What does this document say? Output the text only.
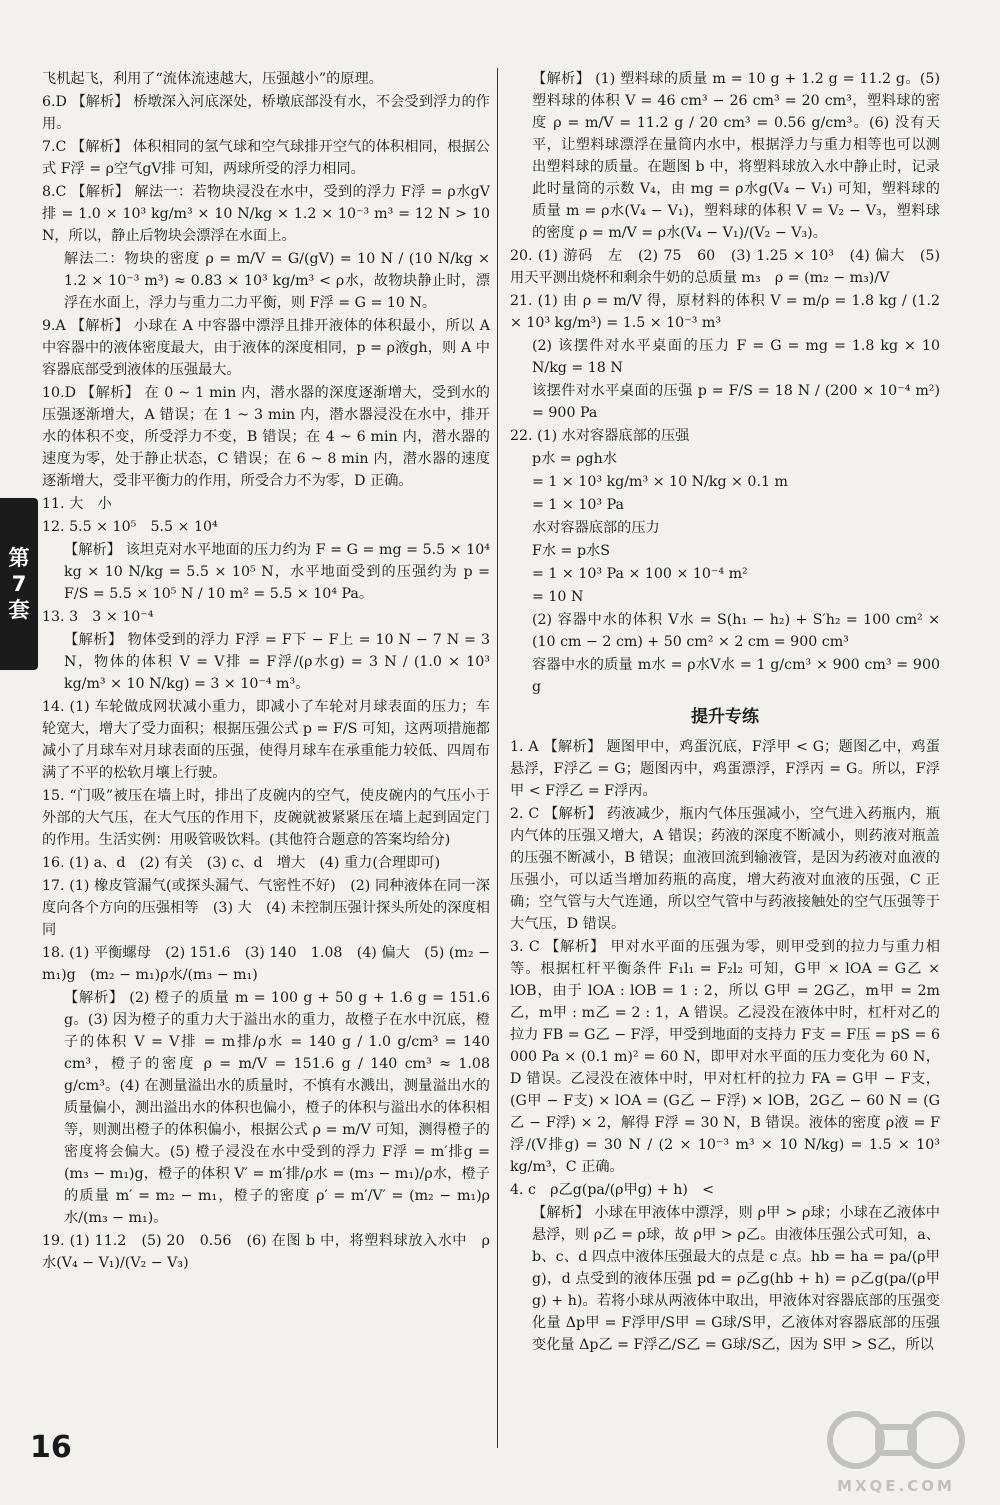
飞机起飞，利用了“流体流速越大，压强越小”的原理。
6.D 【解析】 桥墩深入河底深处，桥墩底部没有水，不会受到浮力的作用。
7.C 【解析】 体积相同的氢气球和空气球排开空气的体积相同，根据公式 F浮 = ρ空气gV排 可知，两球所受的浮力相同。
8.C 【解析】 解法一：若物块浸没在水中，受到的浮力 F浮 = ρ水gV排 = 1.0 × 10³ kg/m³ × 10 N/kg × 1.2 × 10⁻³ m³ = 12 N > 10 N，所以，静止后物块会漂浮在水面上。
解法二：物块的密度 ρ = m/V = G/(gV) = 10 N / (10 N/kg × 1.2 × 10⁻³ m³) ≈ 0.83 × 10³ kg/m³ < ρ水，故物块静止时，漂浮在水面上，浮力与重力二力平衡，则 F浮 = G = 10 N。
9.A 【解析】 小球在 A 中容器中漂浮且排开液体的体积最小，所以 A 中容器中的液体密度最大，由于液体的深度相同，p = ρ液gh，则 A 中容器底部受到液体的压强最大。
10.D 【解析】 在 0 ~ 1 min 内，潜水器的深度逐渐增大，受到水的压强逐渐增大，A 错误；在 1 ~ 3 min 内，潜水器浸没在水中，排开水的体积不变，所受浮力不变，B 错误；在 4 ~ 6 min 内，潜水器的速度为零，处于静止状态，C 错误；在 6 ~ 8 min 内，潜水器的速度逐渐增大，受非平衡力的作用，所受合力不为零，D 正确。
11. 大　小
12. 5.5 × 10⁵　5.5 × 10⁴
【解析】 该坦克对水平地面的压力约为 F = G = mg = 5.5 × 10⁴ kg × 10 N/kg = 5.5 × 10⁵ N，水平地面受到的压强约为 p = F/S = 5.5 × 10⁵ N / 10 m² = 5.5 × 10⁴ Pa。
13. 3　3 × 10⁻⁴
【解析】 物体受到的浮力 F浮 = F下 − F上 = 10 N − 7 N = 3 N，物体的体积 V = V排 = F浮/(ρ水g) = 3 N / (1.0 × 10³ kg/m³ × 10 N/kg) = 3 × 10⁻⁴ m³。
14. (1) 车轮做成网状减小重力，即减小了车轮对月球表面的压力；车轮宽大，增大了受力面积；根据压强公式 p = F/S 可知，这两项措施都减小了月球车对月球表面的压强，使得月球车在承重能力较低、四周布满了不平的松软月壤上行驶。
15. “门吸”被压在墙上时，排出了皮碗内的空气，使皮碗内的气压小于外部的大气压，在大气压的作用下，皮碗就被紧紧压在墙上起到固定门的作用。生活实例：用吸管吸饮料。(其他符合题意的答案均给分)
16. (1) a、d　(2) 有关　(3) c、d　增大　(4) 重力(合理即可)
17. (1) 橡皮管漏气(或探头漏气、气密性不好)　(2) 同种液体在同一深度向各个方向的压强相等　(3) 大　(4) 未控制压强计探头所处的深度相同
18. (1) 平衡螺母　(2) 151.6　(3) 140　1.08　(4) 偏大　(5) (m₂ − m₁)g　(m₂ − m₁)ρ水/(m₃ − m₁)
【解析】 (2) 橙子的质量 m = 100 g + 50 g + 1.6 g = 151.6 g。(3) 因为橙子的重力大于溢出水的重力，故橙子在水中沉底，橙子的体积 V = V排 = m排/ρ水 = 140 g / 1.0 g/cm³ = 140 cm³，橙子的密度 ρ = m/V = 151.6 g / 140 cm³ ≈ 1.08 g/cm³。(4) 在测量溢出水的质量时，不慎有水溅出，测量溢出水的质量偏小，测出溢出水的体积也偏小，橙子的体积与溢出水的体积相等，则测出橙子的体积偏小，根据公式 ρ = m/V 可知，测得橙子的密度将会偏大。(5) 橙子浸没在水中受到的浮力 F浮 = m′排g = (m₃ − m₁)g，橙子的体积 V′ = m′排/ρ水 = (m₃ − m₁)/ρ水，橙子的质量 m′ = m₂ − m₁，橙子的密度 ρ′ = m′/V′ = (m₂ − m₁)ρ水/(m₃ − m₁)。
19. (1) 11.2　(5) 20　0.56　(6) 在图 b 中，将塑料球放入水中　ρ水(V₄ − V₁)/(V₂ − V₃)
【解析】 (1) 塑料球的质量 m = 10 g + 1.2 g = 11.2 g。(5) 塑料球的体积 V = 46 cm³ − 26 cm³ = 20 cm³，塑料球的密度 ρ = m/V = 11.2 g / 20 cm³ = 0.56 g/cm³。(6) 没有天平，让塑料球漂浮在量筒内水中，根据浮力与重力相等也可以测出塑料球的质量。在题图 b 中，将塑料球放入水中静止时，记录此时量筒的示数 V₄，由 mg = ρ水g(V₄ − V₁) 可知，塑料球的质量 m = ρ水(V₄ − V₁)，塑料球的体积 V = V₂ − V₃，塑料球的密度 ρ = m/V = ρ水(V₄ − V₁)/(V₂ − V₃)。
20. (1) 游码　左　(2) 75　60　(3) 1.25 × 10³　(4) 偏大　(5) 用天平测出烧杯和剩余牛奶的总质量 m₃　ρ = (m₂ − m₃)/V
21. (1) 由 ρ = m/V 得，原材料的体积 V = m/ρ = 1.8 kg / (1.2 × 10³ kg/m³) = 1.5 × 10⁻³ m³
(2) 该摆件对水平桌面的压力 F = G = mg = 1.8 kg × 10 N/kg = 18 N
该摆件对水平桌面的压强 p = F/S = 18 N / (200 × 10⁻⁴ m²) = 900 Pa
22. (1) 水对容器底部的压强
p水 = ρgh水
= 1 × 10³ kg/m³ × 10 N/kg × 0.1 m
= 1 × 10³ Pa
水对容器底部的压力
F水 = p水S
= 1 × 10³ Pa × 100 × 10⁻⁴ m²
= 10 N
(2) 容器中水的体积 V水 = S(h₁ − h₂) + S′h₂ = 100 cm² × (10 cm − 2 cm) + 50 cm² × 2 cm = 900 cm³
容器中水的质量 m水 = ρ水V水 = 1 g/cm³ × 900 cm³ = 900 g
提升专练
1. A 【解析】 题图甲中，鸡蛋沉底，F浮甲 < G；题图乙中，鸡蛋悬浮，F浮乙 = G；题图丙中，鸡蛋漂浮，F浮丙 = G。所以，F浮甲 < F浮乙 = F浮丙。
2. C 【解析】 药液减少，瓶内气体压强减小，空气进入药瓶内，瓶内气体的压强又增大，A 错误；药液的深度不断减小，则药液对瓶盖的压强不断减小，B 错误；血液回流到输液管，是因为药液对血液的压强小，可以适当增加药瓶的高度，增大药液对血液的压强，C 正确；空气管与大气连通，所以空气管中与药液接触处的空气压强等于大气压，D 错误。
3. C 【解析】 甲对水平面的压强为零，则甲受到的拉力与重力相等。根据杠杆平衡条件 F₁l₁ = F₂l₂ 可知，G甲 × lOA = G乙 × lOB，由于 lOA : lOB = 1 : 2，所以 G甲 = 2G乙，m甲 = 2m乙，m甲 : m乙 = 2 : 1，A 错误。乙浸没在液体中时，杠杆对乙的拉力 FB = G乙 − F浮，甲受到地面的支持力 F支 = F压 = pS = 6 000 Pa × (0.1 m)² = 60 N，即甲对水平面的压力变化为 60 N，D 错误。乙浸没在液体中时，甲对杠杆的拉力 FA = G甲 − F支，(G甲 − F支) × lOA = (G乙 − F浮) × lOB，2G乙 − 60 N = (G乙 − F浮) × 2，解得 F浮 = 30 N，B 错误。液体的密度 ρ液 = F浮/(V排g) = 30 N / (2 × 10⁻³ m³ × 10 N/kg) = 1.5 × 10³ kg/m³，C 正确。
4. c　ρ乙g(pa/(ρ甲g) + h)　<
【解析】 小球在甲液体中漂浮，则 ρ甲 > ρ球；小球在乙液体中悬浮，则 ρ乙 = ρ球，故 ρ甲 > ρ乙。由液体压强公式可知，a、b、c、d 四点中液体压强最大的点是 c 点。hb = ha = pa/(ρ甲g)，d 点受到的液体压强 pd = ρ乙g(hb + h) = ρ乙g(pa/(ρ甲g) + h)。若将小球从两液体中取出，甲液体对容器底部的压强变化量 Δp甲 = F浮甲/S甲 = G球/S甲，乙液体对容器底部的压强变化量 Δp乙 = F浮乙/S乙 = G球/S乙，因为 S甲 > S乙，所以
第
7
套
16
MXQE.COM
